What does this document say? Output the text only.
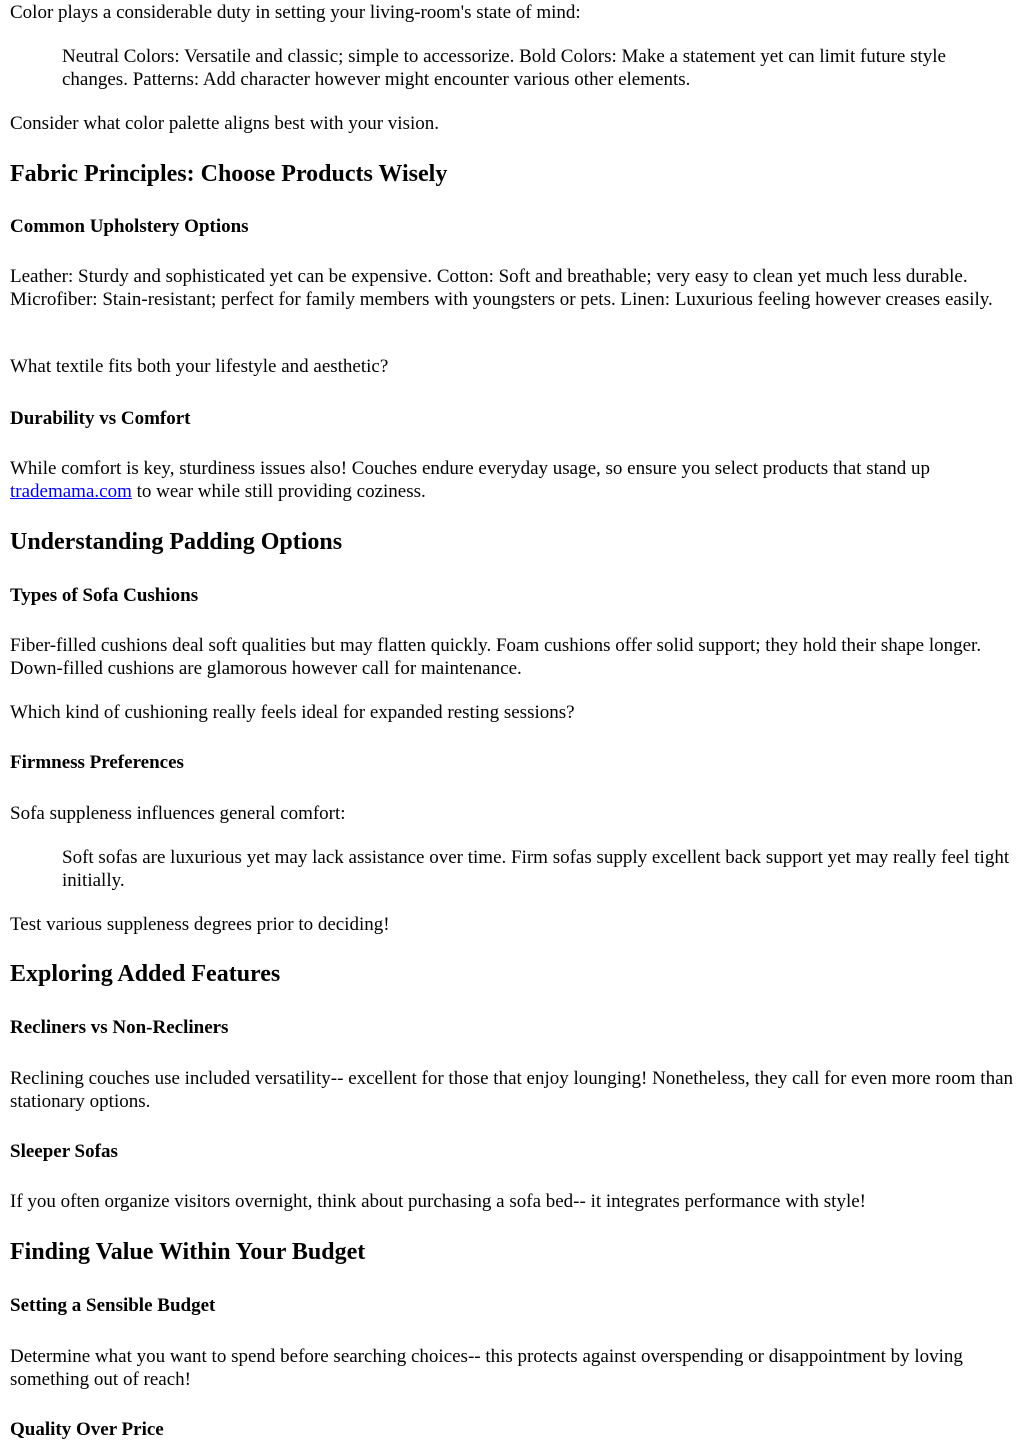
Color plays a considerable duty in setting your living-room's state of mind:

Neutral Colors: Versatile and classic; simple to accessorize. Bold Colors: Make a statement yet can limit future style changes. Patterns: Add character however might encounter various other elements.

Consider what color palette aligns best with your vision.

Fabric Principles: Choose Products Wisely
Common Upholstery Options

Leather: Sturdy and sophisticated yet can be expensive. Cotton: Soft and breathable; very easy to clean yet much less durable. Microfiber: Stain-resistant; perfect for family members with youngsters or pets. Linen: Luxurious feeling however creases easily.

What textile fits both your lifestyle and aesthetic?

Durability vs Comfort

While comfort is key, sturdiness issues also! Couches endure everyday usage, so ensure you select products that stand up trademama.com to wear while still providing coziness.

Understanding Padding Options
Types of Sofa Cushions

Fiber-filled cushions deal soft qualities but may flatten quickly. Foam cushions offer solid support; they hold their shape longer. Down-filled cushions are glamorous however call for maintenance.

Which kind of cushioning really feels ideal for expanded resting sessions?

Firmness Preferences

Sofa suppleness influences general comfort:

Soft sofas are luxurious yet may lack assistance over time. Firm sofas supply excellent back support yet may really feel tight initially.

Test various suppleness degrees prior to deciding!

Exploring Added Features
Recliners vs Non-Recliners

Reclining couches use included versatility-- excellent for those that enjoy lounging! Nonetheless, they call for even more room than stationary options.

Sleeper Sofas

If you often organize visitors overnight, think about purchasing a sofa bed-- it integrates performance with style!

Finding Value Within Your Budget
Setting a Sensible Budget

Determine what you want to spend before searching choices-- this protects against overspending or disappointment by loving something out of reach!

Quality Over Price
